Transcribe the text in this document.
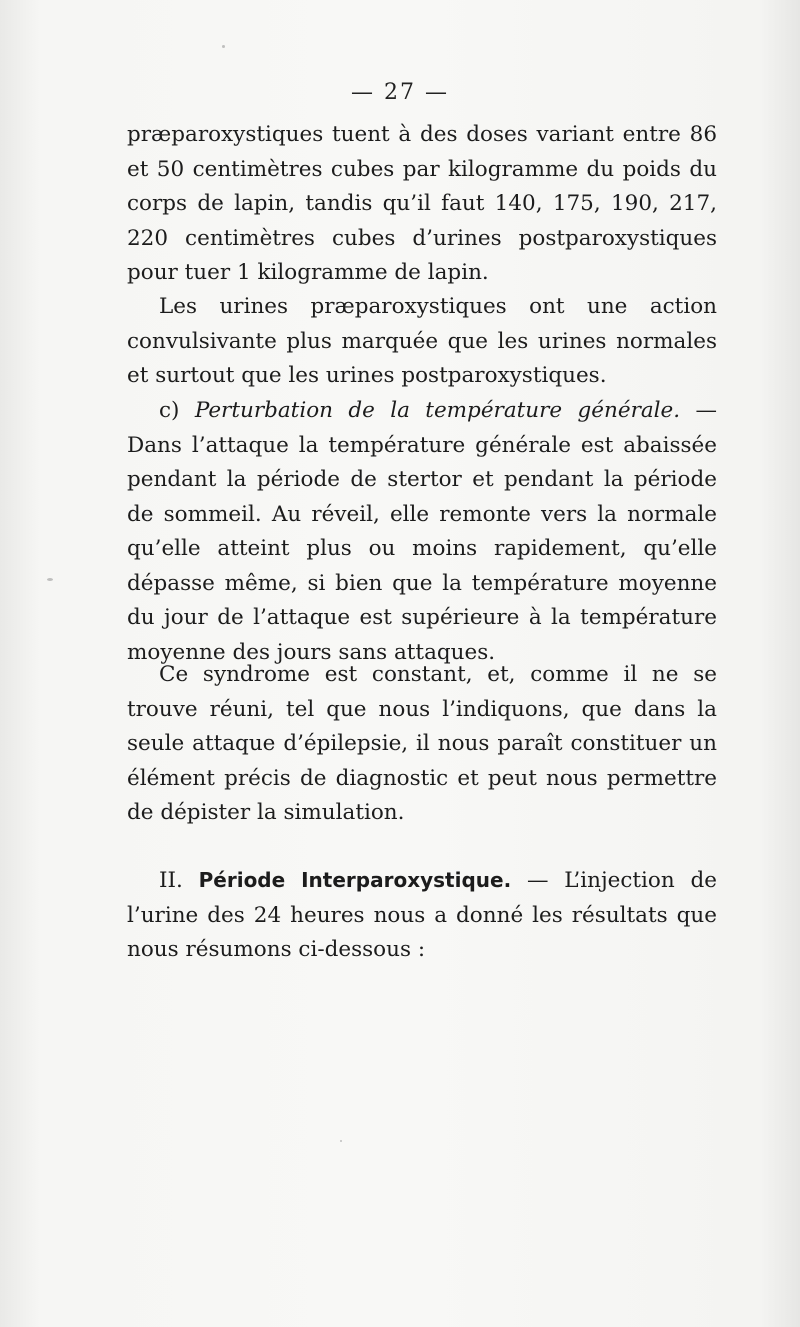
— 27 —

præparoxystiques tuent à des doses variant entre 86 et 50 centimètres cubes par kilogramme du poids du corps de lapin, tandis qu’il faut 140, 175, 190, 217, 220 centimètres cubes d’urines postparoxystiques pour tuer 1 kilogramme de lapin.

Les urines præparoxystiques ont une action convulsivante plus marquée que les urines normales et surtout que les urines postparoxystiques.

c) Perturbation de la température générale. — Dans l’attaque la température générale est abaissée pendant la période de stertor et pendant la période de sommeil. Au réveil, elle remonte vers la normale qu’elle atteint plus ou moins rapidement, qu’elle dépasse même, si bien que la température moyenne du jour de l’attaque est supérieure à la température moyenne des jours sans attaques.

Ce syndrome est constant, et, comme il ne se trouve réuni, tel que nous l’indiquons, que dans la seule attaque d’épilepsie, il nous paraît constituer un élément précis de diagnostic et peut nous permettre de dépister la simulation.

II. Période Interparoxystique. — L’injection de l’urine des 24 heures nous a donné les résultats que nous résumons ci-dessous :
